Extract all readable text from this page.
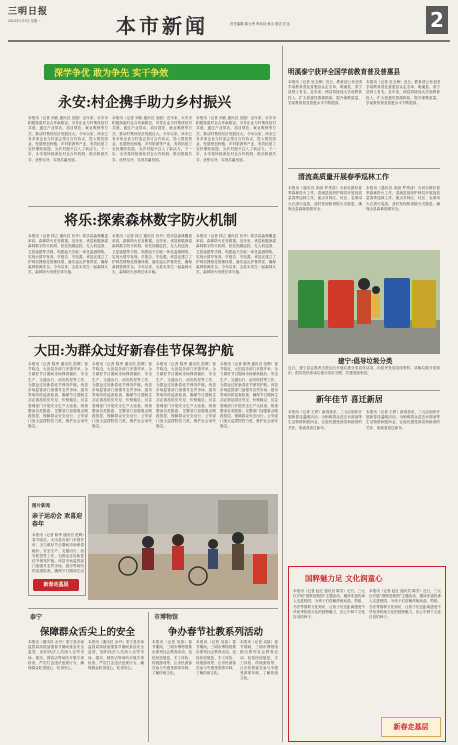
三明日报
2024年2月5日 星期一	本市新闻	责任编辑:陈元秀 审读员:黄山 版式:庄达	2
深学争优 敢为争先 实干争效
永安:村企携手助力乡村振兴
本报讯（记者 刘莉 通讯员 吴聪）近年来，永安市积极探索村企合作新路径，引导企业与村集体结对共建，通过产业带动、项目帮扶、就业吸纳等方式，推动村集体经济发展壮大。今年以来，该市已有多家企业与村委会签订合作协议，投入帮扶资金，发展特色种植、乡村旅游等产业，有效拓宽了农民增收渠道，为乡村振兴注入了新活力。下一步，永安将持续深化村企合作机制，推动资源共享、优势互补，实现共赢发展。
本报讯（记者 刘莉 通讯员 吴聪）近年来，永安市积极探索村企合作新路径，引导企业与村集体结对共建，通过产业带动、项目帮扶、就业吸纳等方式，推动村集体经济发展壮大。今年以来，该市已有多家企业与村委会签订合作协议，投入帮扶资金，发展特色种植、乡村旅游等产业，有效拓宽了农民增收渠道，为乡村振兴注入了新活力。下一步，永安将持续深化村企合作机制，推动资源共享、优势互补，实现共赢发展。
本报讯（记者 刘莉 通讯员 吴聪）近年来，永安市积极探索村企合作新路径，引导企业与村集体结对共建，通过产业带动、项目帮扶、就业吸纳等方式，推动村集体经济发展壮大。今年以来，该市已有多家企业与村委会签订合作协议，投入帮扶资金，发展特色种植、乡村旅游等产业，有效拓宽了农民增收渠道，为乡村振兴注入了新活力。下一步，永安将持续深化村企合作机制，推动资源共享、优势互补，实现共赢发展。
将乐:探索森林数字防火机制
本报讯（记者 林立 通讯员 肖丹）将乐县森林覆盖率高，森林防火任务繁重。近年来，该县积极探索森林数字防火机制，依托视频监控、无人机巡查、卫星遥感等手段，构建起天空地一体化监测网络，实现火情早发现、早报告、早处置。该县还建立了护林员网格化管理体系，落实巡山护林责任，确保森林资源安全。今年以来，全县未发生一起森林火灾，森林防火形势总体平稳。
本报讯（记者 林立 通讯员 肖丹）将乐县森林覆盖率高，森林防火任务繁重。近年来，该县积极探索森林数字防火机制，依托视频监控、无人机巡查、卫星遥感等手段，构建起天空地一体化监测网络，实现火情早发现、早报告、早处置。该县还建立了护林员网格化管理体系，落实巡山护林责任，确保森林资源安全。今年以来，全县未发生一起森林火灾，森林防火形势总体平稳。
本报讯（记者 林立 通讯员 肖丹）将乐县森林覆盖率高，森林防火任务繁重。近年来，该县积极探索森林数字防火机制，依托视频监控、无人机巡查、卫星遥感等手段，构建起天空地一体化监测网络，实现火情早发现、早报告、早处置。该县还建立了护林员网格化管理体系，落实巡山护林责任，确保森林资源安全。今年以来，全县未发生一起森林火灾，森林防火形势总体平稳。
大田:为群众过好新春佳节保驾护航
本报讯（记者 陈秀 通讯员 范辉）春节临近，大田县各部门多措并举，全力做好节日期间市场保供稳价、安全生产、交通出行、治安防控等工作，为群众过好新春佳节保驾护航。该县市场监管部门加强对农贸市场、超市等场所的巡查检查，确保节日期间生活必需品供应充足、价格稳定；应急管理部门开展安全生产大检查，排查整治各类隐患；交警部门加强重点路段管控，保障群众安全出行；公安部门加大巡逻防控力度，维护社会治安稳定。
本报讯（记者 陈秀 通讯员 范辉）春节临近，大田县各部门多措并举，全力做好节日期间市场保供稳价、安全生产、交通出行、治安防控等工作，为群众过好新春佳节保驾护航。该县市场监管部门加强对农贸市场、超市等场所的巡查检查，确保节日期间生活必需品供应充足、价格稳定；应急管理部门开展安全生产大检查，排查整治各类隐患；交警部门加强重点路段管控，保障群众安全出行；公安部门加大巡逻防控力度，维护社会治安稳定。
本报讯（记者 陈秀 通讯员 范辉）春节临近，大田县各部门多措并举，全力做好节日期间市场保供稳价、安全生产、交通出行、治安防控等工作，为群众过好新春佳节保驾护航。该县市场监管部门加强对农贸市场、超市等场所的巡查检查，确保节日期间生活必需品供应充足、价格稳定；应急管理部门开展安全生产大检查，排查整治各类隐患；交警部门加强重点路段管控，保障群众安全出行；公安部门加大巡逻防控力度，维护社会治安稳定。
本报讯（记者 陈秀 通讯员 范辉）春节临近，大田县各部门多措并举，全力做好节日期间市场保供稳价、安全生产、交通出行、治安防控等工作，为群众过好新春佳节保驾护航。该县市场监管部门加强对农贸市场、超市等场所的巡查检查，确保节日期间生活必需品供应充足、价格稳定；应急管理部门开展安全生产大检查，排查整治各类隐患；交警部门加强重点路段管控，保障群众安全出行；公安部门加大巡逻防控力度，维护社会治安稳定。
图片新闻
亲子运动会 欢喜迎春年
本报讯（记者 陈秀 通讯员 范辉）春节临近，大田县各部门多措并举，全力做好节日期间市场保供稳价、安全生产、交通出行、治安防控等工作，为群众过好新春佳节保驾护航。该县市场监管部门加强对农贸市场、超市等场所的巡查检查，确保节日期间生活
新春走基层
泰宁
保障群众舌尖上的安全
本报讯（通讯员 余丹）泰宁县市场监管局持续加强春节期间食品安全监管，组织执法人员深入农贸市场、超市、餐饮店等场所开展专项检查，严厉打击违法违规行为，确保群众吃得放心、吃得安心。
本报讯（通讯员 余丹）泰宁县市场监管局持续加强春节期间食品安全监管，组织执法人员深入农贸市场、超市、餐饮店等场所开展专项检查，严厉打击违法违规行为，确保群众吃得放心、吃得安心。
市博物馆
争办春节社教系列活动
本报讯（记者 吴凯）春节期间，三明市博物馆推出系列社会教育活动，包括民俗展览、手工体验、传统游戏等，让市民游客在参与中感受浓浓年味，了解传统文化。
本报讯（记者 吴凯）春节期间，三明市博物馆推出系列社会教育活动，包括民俗展览、手工体验、传统游戏等，让市民游客在参与中感受浓浓年味，了解传统文化。
本报讯（记者 吴凯）春节期间，三明市博物馆推出系列社会教育活动，包括民俗展览、手工体验、传统游戏等，让市民游客在参与中感受浓浓年味，了解传统文化。
明溪泰宁获评全国学前教育普及普惠县
本报讯（记者 吴玉梅）近日，教育部公布全国学前教育普及普惠县认定名单，明溪县、泰宁县榜上有名。近年来，两县持续加大学前教育投入，扩大普惠性资源供给，提升保教质量，学前教育普及普惠水平不断提高。
本报讯（记者 吴玉梅）近日，教育部公布全国学前教育普及普惠县认定名单，明溪县、泰宁县榜上有名。近年来，两县持续加大学前教育投入，扩大普惠性资源供给，提升保教质量，学前教育普及普惠水平不断提高。
清流高质量开展春季巡林工作
本报讯（通讯员 邓丽 罗秀清）为切实做好春季森林防火工作，清流县组织护林员开展高质量春季巡林工作，重点对林区、坟区、农事用火区进行巡查，及时发现和消除火灾隐患，确保全县森林资源安全。
本报讯（通讯员 邓丽 罗秀清）为切实做好春季森林防火工作，清流县组织护林员开展高质量春季巡林工作，重点对林区、坟区、农事用火区进行巡查，及时发现和消除火灾隐患，确保全县森林资源安全。
建宁:倡导垃圾分类
近日，建宁县志愿者走进社区开展垃圾分类宣传活动，向居民发放宣传资料，讲解垃圾分类知识，倡导居民养成垃圾分类好习惯，共建美丽家园。
新年佳节 喜迁新居
本报讯（记者 王婷）新春将至，三元区组织开展新春送温暖活动，为困难群众送去米面油等生活物资和慰问金，让他们感受到党和政府的关怀，欢欢喜喜过新年。
本报讯（记者 王婷）新春将至，三元区组织开展新春送温暖活动，为困难群众送去米面油等生活物资和慰问金，让他们感受到党和政府的关怀，欢欢喜喜过新年。
国粹魅力足 文化润童心
本报讯（记者 赵红 通讯员 陈芳）近日，三元区开展“国粹进校园”主题活动，邀请非遗传承人走进校园，为孩子们讲解传统戏曲、剪纸、书法等国粹文化知识，让孩子们近距离感受中华优秀传统文化的独特魅力，在心中种下文化自信的种子。
本报讯（记者 赵红 通讯员 陈芳）近日，三元区开展“国粹进校园”主题活动，邀请非遗传承人走进校园，为孩子们讲解传统戏曲、剪纸、书法等国粹文化知识，让孩子们近距离感受中华优秀传统文化的独特魅力，在心中种下文化自信的种子。
新春走基层
